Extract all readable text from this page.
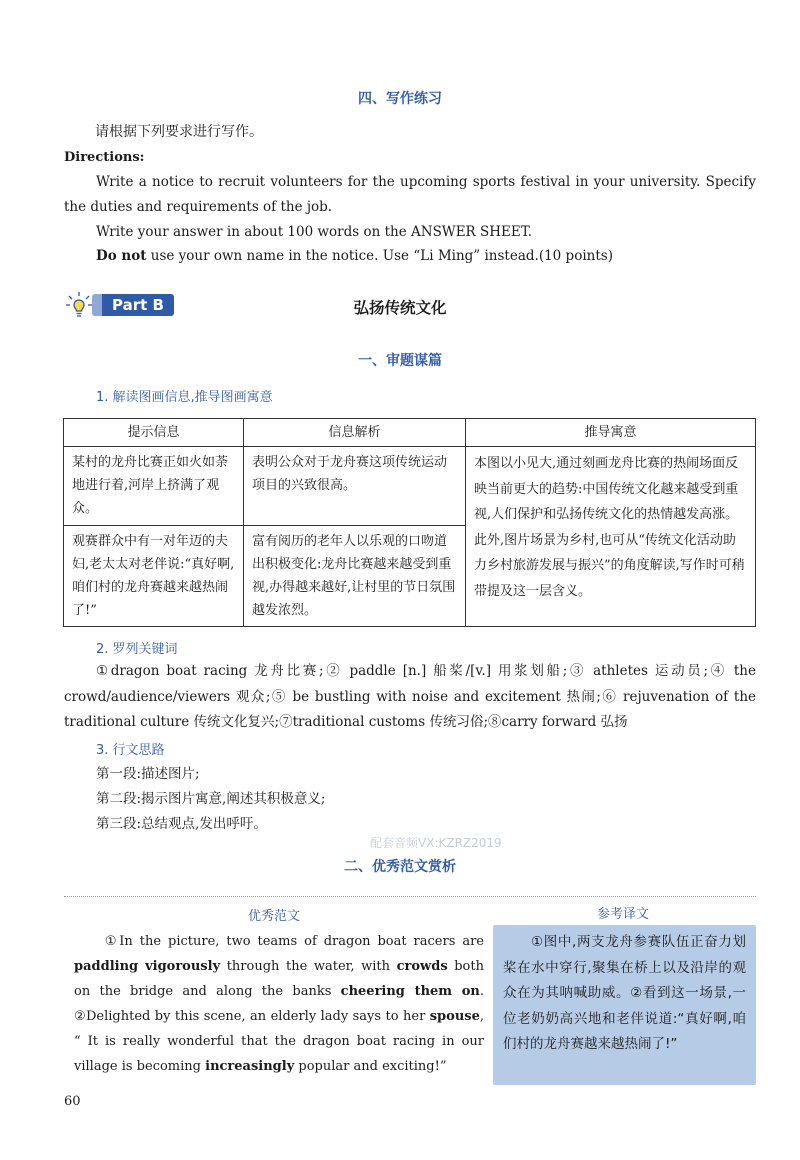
四、写作练习
请根据下列要求进行写作。
Directions:
Write a notice to recruit volunteers for the upcoming sports festival in your university. Specify the duties and requirements of the job.
Write your answer in about 100 words on the ANSWER SHEET.
Do not use your own name in the notice. Use “Li Ming” instead.(10 points)
Part B	弘扬传统文化
一、审题谋篇
1. 解读图画信息,推导图画寓意
提示信息	信息解析	推导寓意
某村的龙舟比赛正如火如荼地进行着,河岸上挤满了观众。	表明公众对于龙舟赛这项传统运动项目的兴致很高。	本图以小见大,通过刻画龙舟比赛的热闹场面反映当前更大的趋势:中国传统文化越来越受到重视,人们保护和弘扬传统文化的热情越发高涨。此外,图片场景为乡村,也可从“传统文化活动助力乡村旅游发展与振兴”的角度解读,写作时可稍带提及这一层含义。
观赛群众中有一对年迈的夫妇,老太太对老伴说:“真好啊,咱们村的龙舟赛越来越热闹了!”	富有阅历的老年人以乐观的口吻道出积极变化:龙舟比赛越来越受到重视,办得越来越好,让村里的节日氛围越发浓烈。	
2. 罗列关键词
①dragon boat racing 龙舟比赛;② paddle [n.] 船桨/[v.] 用浆划船;③ athletes 运动员;④ the crowd/audience/viewers 观众;⑤ be bustling with noise and excitement 热闹;⑥ rejuvenation of the traditional culture 传统文化复兴;⑦traditional customs 传统习俗;⑧carry forward 弘扬
3. 行文思路
第一段:描述图片;
第二段:揭示图片寓意,阐述其积极意义;
第三段:总结观点,发出呼吁。
配套音频VX:KZRZ2019
二、优秀范文赏析
优秀范文	参考译文
①In the picture, two teams of dragon boat racers are paddling vigorously through the water, with crowds both on the bridge and along the banks cheering them on. ②Delighted by this scene, an elderly lady says to her spouse, “ It is really wonderful that the dragon boat racing in our village is becoming increasingly popular and exciting!”
①图中,两支龙舟参赛队伍正奋力划桨在水中穿行,聚集在桥上以及沿岸的观众在为其呐喊助威。②看到这一场景,一位老奶奶高兴地和老伴说道:“真好啊,咱们村的龙舟赛越来越热闹了!”
60
